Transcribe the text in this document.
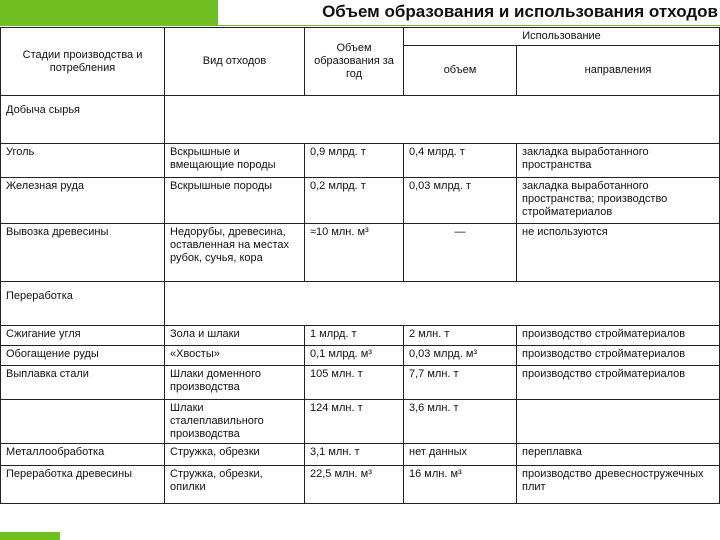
Объем образования и использования отходов
Стадии производства и потребления	Вид отходов	Объем образования за год	Использование	
			объем	направления
Добыча сырья				
Уголь	Вскрышные и вмещающие породы	0,9 млрд. т	0,4 млрд. т	закладка выработанного пространства
Железная руда	Вскрышные породы	0,2 млрд. т	0,03 млрд. т	закладка выработанного пространства; производство стройматериалов
Вывозка древесины	Недорубы, древесина, оставленная на местах рубок, сучья, кора	≈10 млн. м³	—	не используются
Переработка				
Сжигание угля	Зола и шлаки	1 млрд. т	2 млн. т	производство стройматериалов
Обогащение руды	«Хвосты»	0,1 млрд. м³	0,03 млрд. м³	производство стройматериалов
Выплавка стали	Шлаки доменного производства	105 млн. т	7,7 млн. т	производство стройматериалов
	Шлаки сталеплавильного производства	124 млн. т	3,6 млн. т	
Металлообработка	Стружка, обрезки	3,1 млн. т	нет данных	переплавка
Переработка древесины	Стружка, обрезки, опилки	22,5 млн. м³	16 млн. м³	производство древесностружечных плит
